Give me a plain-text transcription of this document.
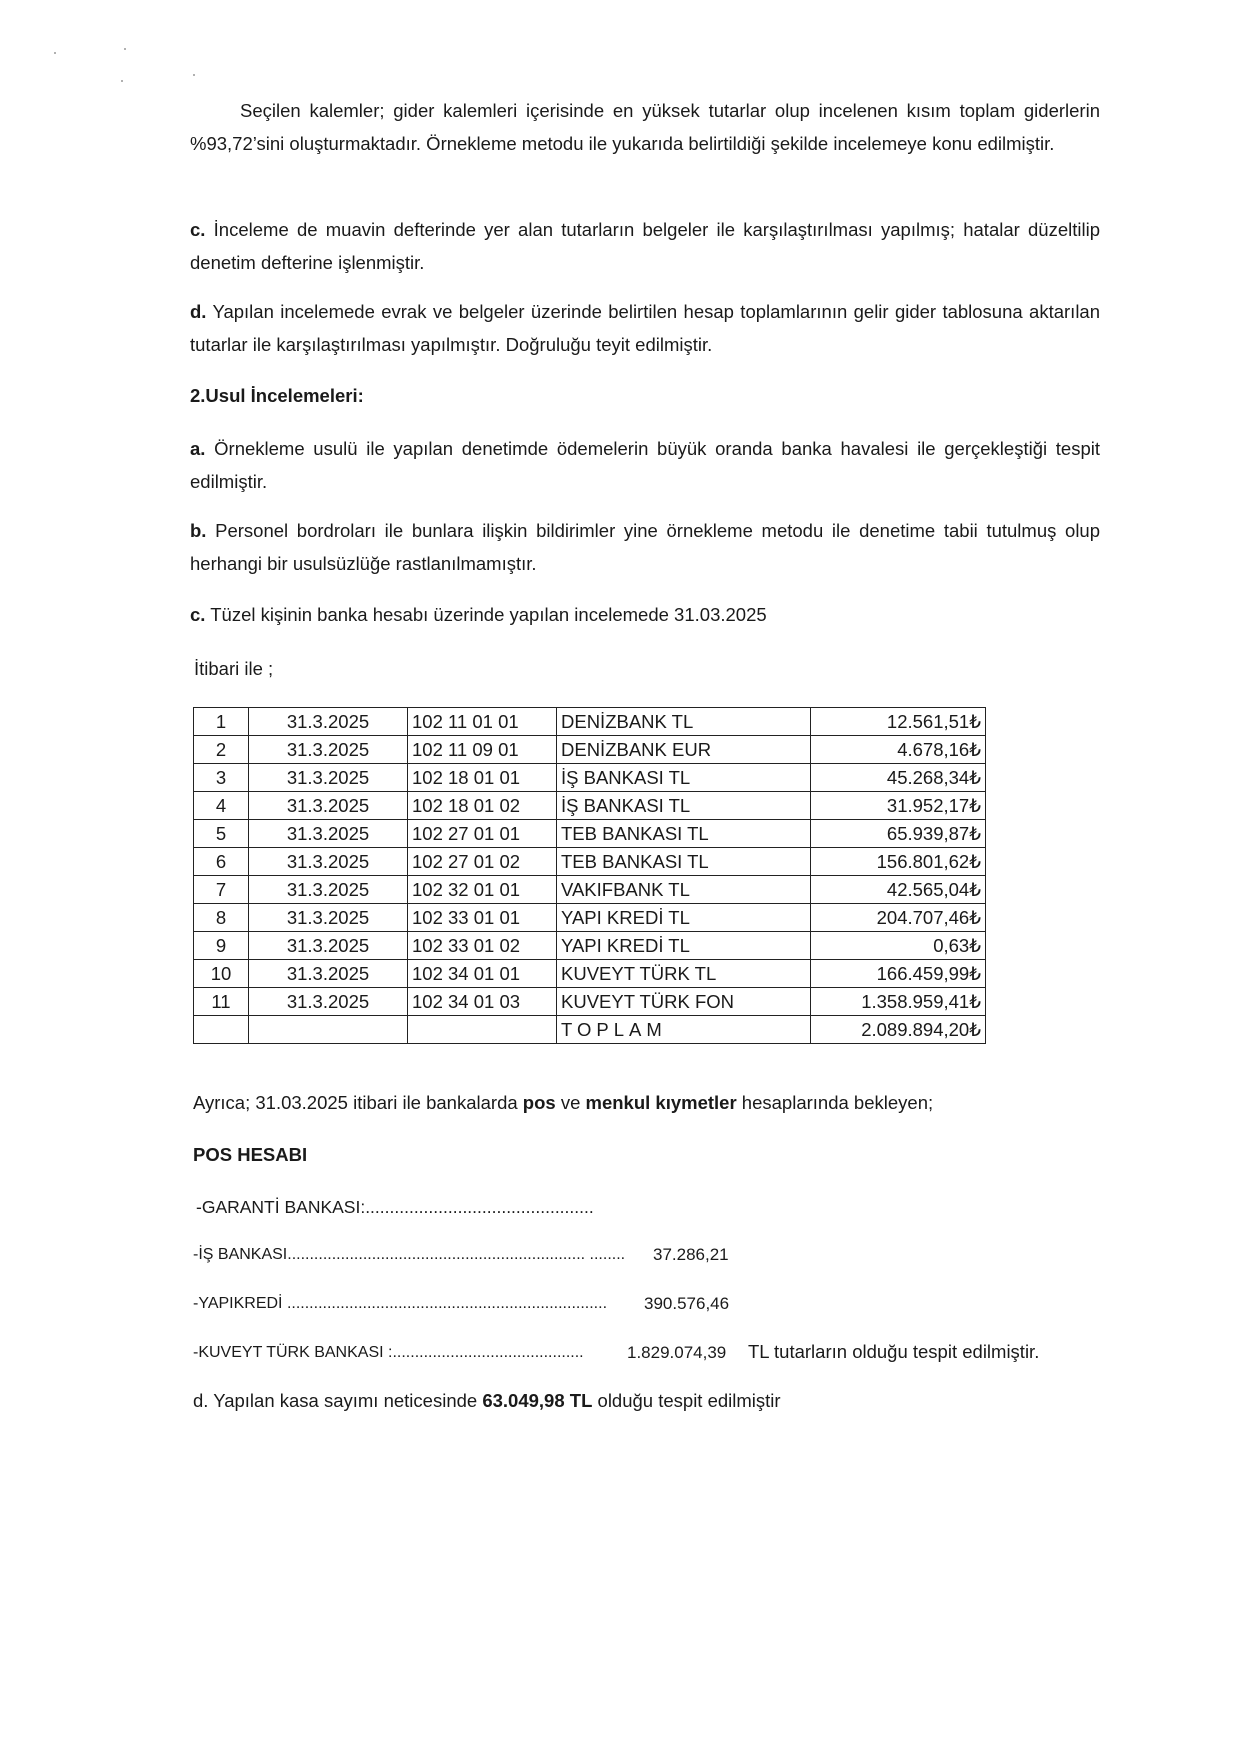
Seçilen kalemler; gider kalemleri içerisinde en yüksek tutarlar olup incelenen kısım toplam giderlerin %93,72’sini oluşturmaktadır. Örnekleme metodu ile yukarıda belirtildiği şekilde incelemeye konu edilmiştir.
c. İnceleme de muavin defterinde yer alan tutarların belgeler ile karşılaştırılması yapılmış; hatalar düzeltilip denetim defterine işlenmiştir.
d. Yapılan incelemede evrak ve belgeler üzerinde belirtilen hesap toplamlarının gelir gider tablosuna aktarılan tutarlar ile karşılaştırılması yapılmıştır. Doğruluğu teyit edilmiştir.
2.Usul İncelemeleri:
a. Örnekleme usulü ile yapılan denetimde ödemelerin büyük oranda banka havalesi ile gerçekleştiği tespit edilmiştir.
b. Personel bordroları ile bunlara ilişkin bildirimler yine örnekleme metodu ile denetime tabii tutulmuş olup herhangi bir usulsüzlüğe rastlanılmamıştır.
c. Tüzel kişinin banka hesabı üzerinde yapılan incelemede 31.03.2025
İtibari ile ;
1	31.3.2025	102 11 01 01	DENİZBANK TL	12.561,51₺
2	31.3.2025	102 11 09 01	DENİZBANK EUR	4.678,16₺
3	31.3.2025	102 18 01 01	İŞ BANKASI TL	45.268,34₺
4	31.3.2025	102 18 01 02	İŞ BANKASI TL	31.952,17₺
5	31.3.2025	102 27 01 01	TEB BANKASI TL	65.939,87₺
6	31.3.2025	102 27 01 02	TEB BANKASI TL	156.801,62₺
7	31.3.2025	102 32 01 01	VAKIFBANK TL	42.565,04₺
8	31.3.2025	102 33 01 01	YAPI KREDİ TL	204.707,46₺
9	31.3.2025	102 33 01 02	YAPI KREDİ TL	0,63₺
10	31.3.2025	102 34 01 01	KUVEYT TÜRK TL	166.459,99₺
11	31.3.2025	102 34 01 03	KUVEYT TÜRK FON	1.358.959,41₺
			TOPLAM	2.089.894,20₺
Ayrıca; 31.03.2025 itibari ile bankalarda pos ve menkul kıymetler hesaplarında bekleyen;
POS HESABI
-GARANTİ BANKASI:...............................................
-İŞ BANKASI................................................................... ........ 37.286,21
-YAPIKREDİ ........................................................................ 390.576,46
-KUVEYT TÜRK BANKASI :...........................................	1.829.074,39 TL tutarların olduğu tespit edilmiştir.
d. Yapılan kasa sayımı neticesinde 63.049,98 TL olduğu tespit edilmiştir
